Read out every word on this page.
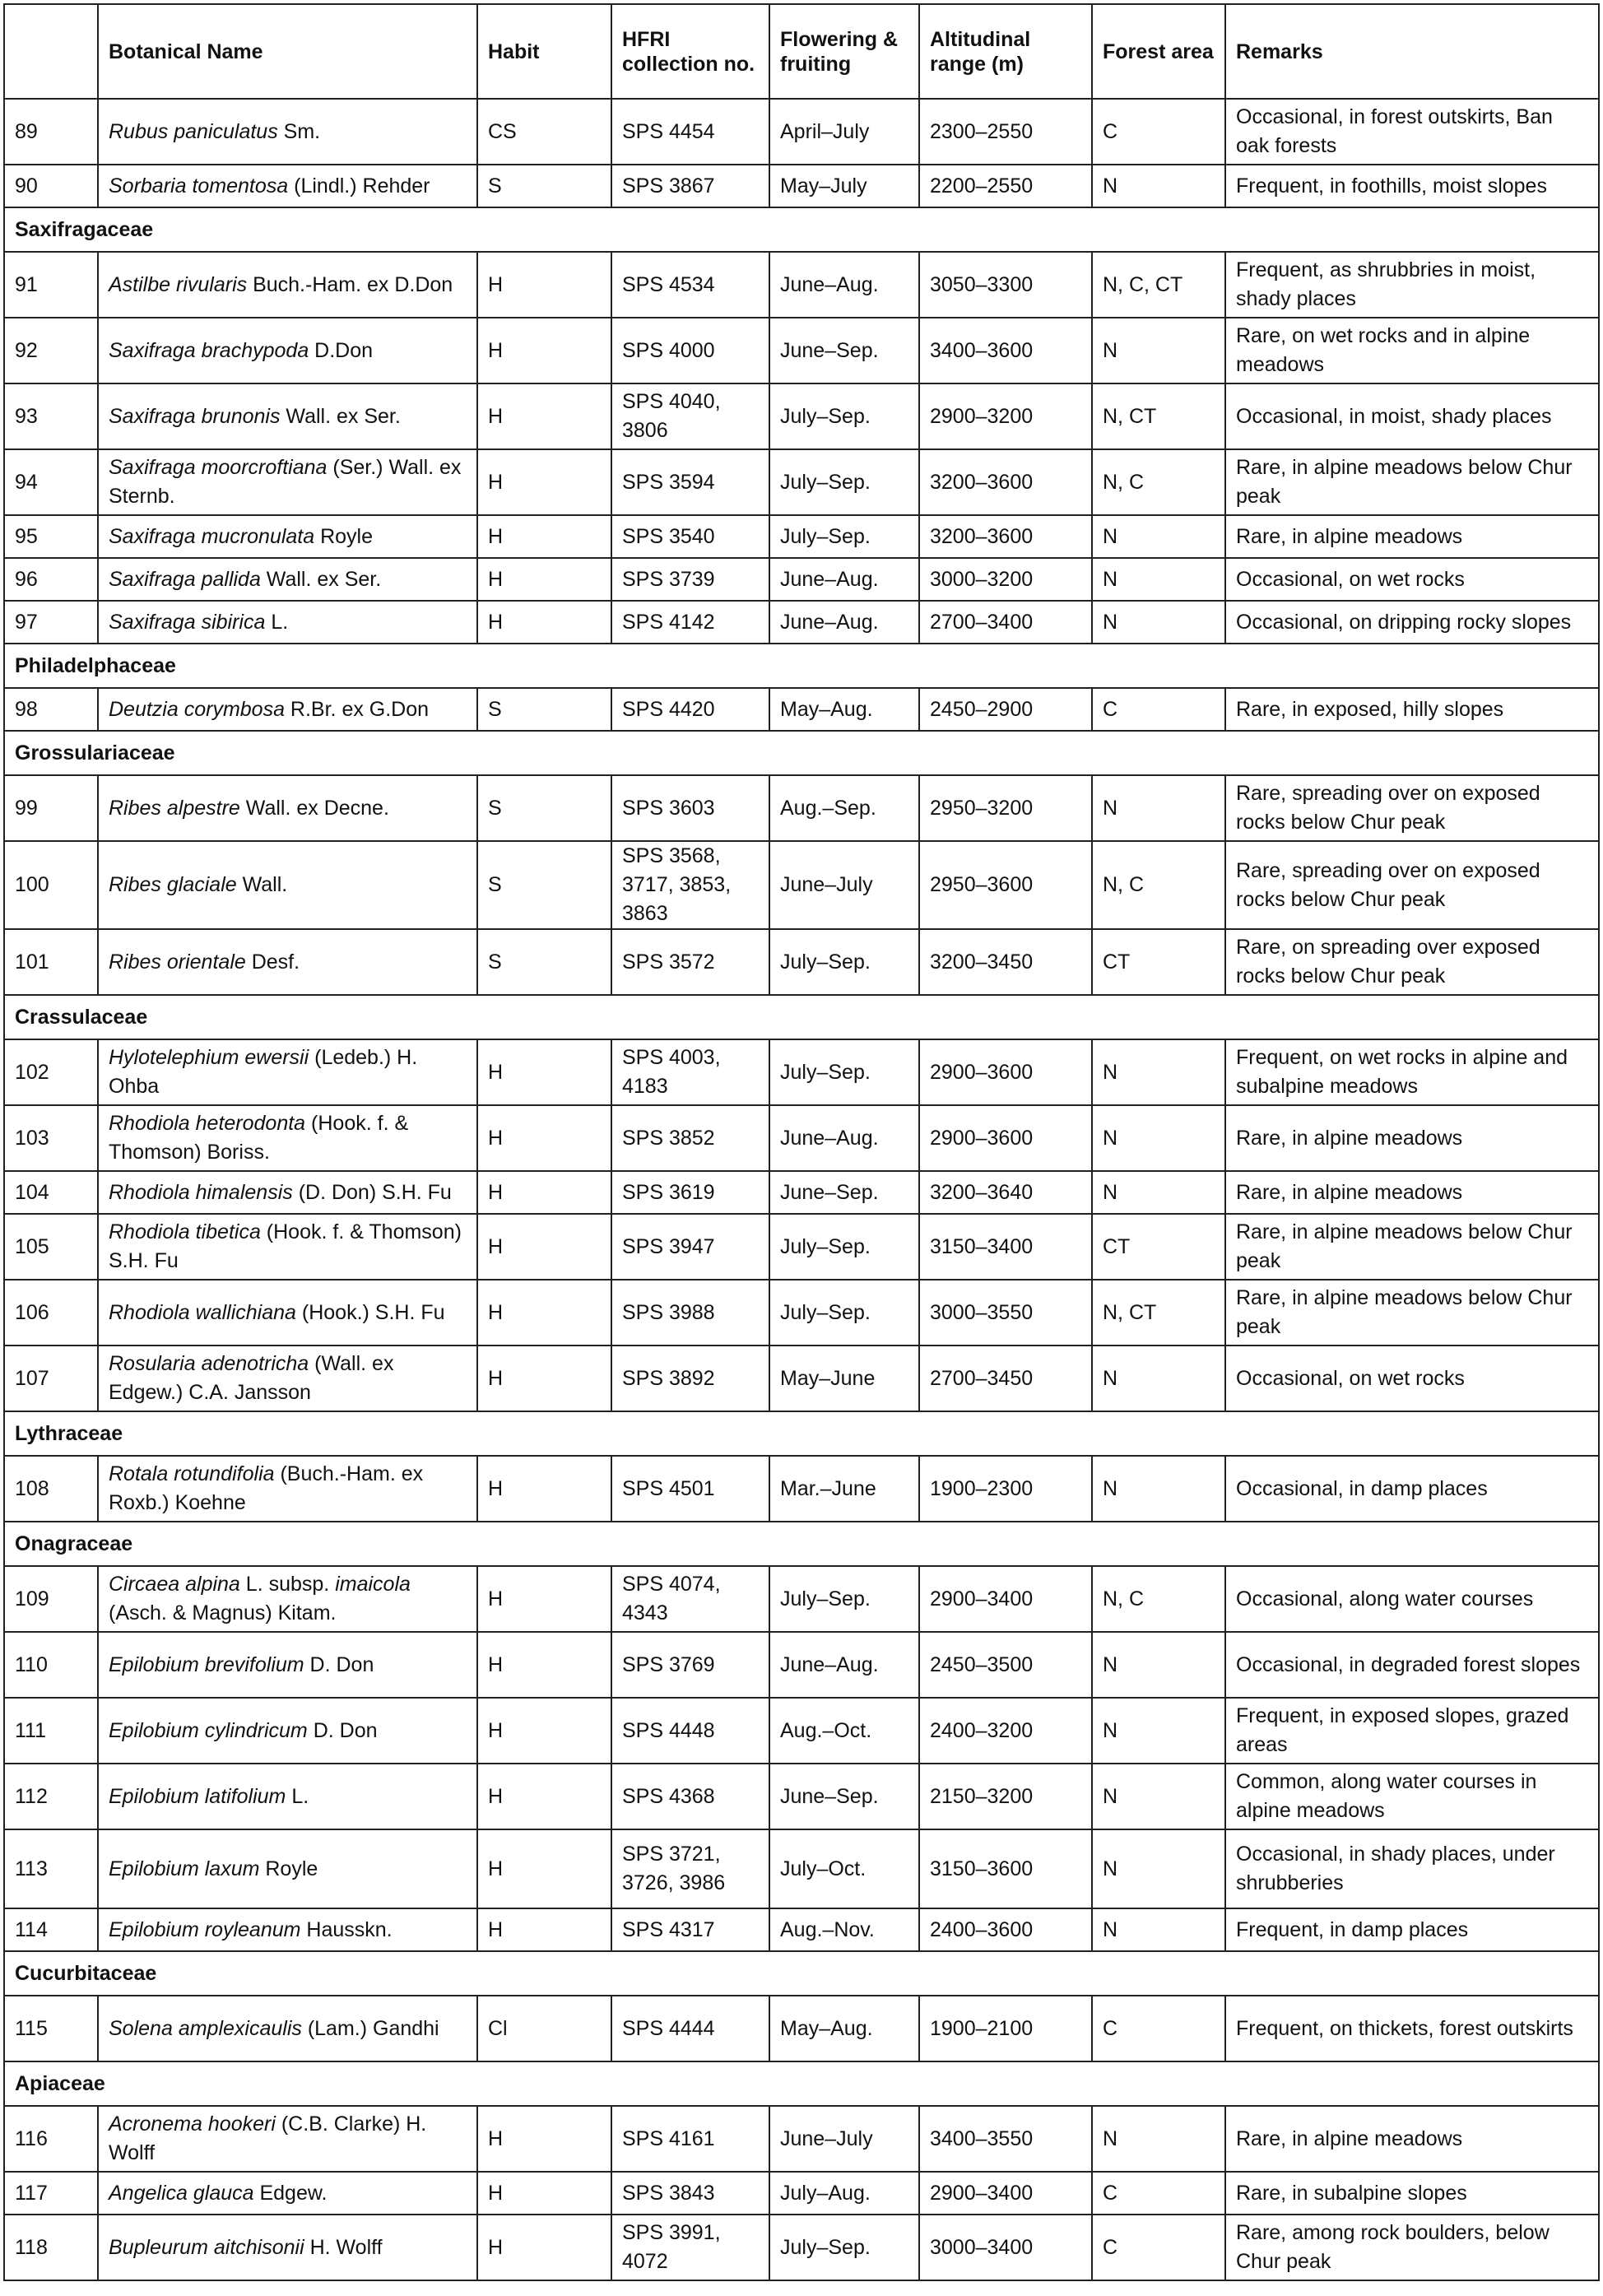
	Botanical Name	Habit	HFRI collection no.	Flowering & fruiting	Altitudinal range (m)	Forest area	Remarks
89	Rubus paniculatus Sm.	CS	SPS 4454	April–July	2300–2550	C	Occasional, in forest outskirts, Ban oak forests
90	Sorbaria tomentosa (Lindl.) Rehder	S	SPS 3867	May–July	2200–2550	N	Frequent, in foothills, moist slopes
Saxifragaceae							
91	Astilbe rivularis Buch.-Ham. ex D.Don	H	SPS 4534	June–Aug.	3050–3300	N, C, CT	Frequent, as shrubbries in moist, shady places
92	Saxifraga brachypoda D.Don	H	SPS 4000	June–Sep.	3400–3600	N	Rare, on wet rocks and in alpine meadows
93	Saxifraga brunonis Wall. ex Ser.	H	SPS 4040, 3806	July–Sep.	2900–3200	N, CT	Occasional, in moist, shady places
94	Saxifraga moorcroftiana (Ser.) Wall. ex Sternb.	H	SPS 3594	July–Sep.	3200–3600	N, C	Rare, in alpine meadows below Chur peak
95	Saxifraga mucronulata Royle	H	SPS 3540	July–Sep.	3200–3600	N	Rare, in alpine meadows
96	Saxifraga pallida Wall. ex Ser.	H	SPS 3739	June–Aug.	3000–3200	N	Occasional, on wet rocks
97	Saxifraga sibirica L.	H	SPS 4142	June–Aug.	2700–3400	N	Occasional, on dripping rocky slopes
Philadelphaceae							
98	Deutzia corymbosa R.Br. ex G.Don	S	SPS 4420	May–Aug.	2450–2900	C	Rare, in exposed, hilly slopes
Grossulariaceae							
99	Ribes alpestre Wall. ex Decne.	S	SPS 3603	Aug.–Sep.	2950–3200	N	Rare, spreading over on exposed rocks below Chur peak
100	Ribes glaciale Wall.	S	SPS 3568, 3717, 3853, 3863	June–July	2950–3600	N, C	Rare, spreading over on exposed rocks below Chur peak
101	Ribes orientale Desf.	S	SPS 3572	July–Sep.	3200–3450	CT	Rare, on spreading over exposed rocks below Chur peak
Crassulaceae							
102	Hylotelephium ewersii (Ledeb.) H. Ohba	H	SPS 4003, 4183	July–Sep.	2900–3600	N	Frequent, on wet rocks in alpine and subalpine meadows
103	Rhodiola heterodonta (Hook. f. & Thomson) Boriss.	H	SPS 3852	June–Aug.	2900–3600	N	Rare, in alpine meadows
104	Rhodiola himalensis (D. Don) S.H. Fu	H	SPS 3619	June–Sep.	3200–3640	N	Rare, in alpine meadows
105	Rhodiola tibetica (Hook. f. & Thomson) S.H. Fu	H	SPS 3947	July–Sep.	3150–3400	CT	Rare, in alpine meadows below Chur peak
106	Rhodiola wallichiana (Hook.) S.H. Fu	H	SPS 3988	July–Sep.	3000–3550	N, CT	Rare, in alpine meadows below Chur peak
107	Rosularia adenotricha (Wall. ex Edgew.) C.A. Jansson	H	SPS 3892	May–June	2700–3450	N	Occasional, on wet rocks
Lythraceae							
108	Rotala rotundifolia (Buch.-Ham. ex Roxb.) Koehne	H	SPS 4501	Mar.–June	1900–2300	N	Occasional, in damp places
Onagraceae							
109	Circaea alpina L. subsp. imaicola (Asch. & Magnus) Kitam.	H	SPS 4074, 4343	July–Sep.	2900–3400	N, C	Occasional, along water courses
110	Epilobium brevifolium D. Don	H	SPS 3769	June–Aug.	2450–3500	N	Occasional, in degraded forest slopes
111	Epilobium cylindricum D. Don	H	SPS 4448	Aug.–Oct.	2400–3200	N	Frequent, in exposed slopes, grazed areas
112	Epilobium latifolium L.	H	SPS 4368	June–Sep.	2150–3200	N	Common, along water courses in alpine meadows
113	Epilobium laxum Royle	H	SPS 3721, 3726, 3986	July–Oct.	3150–3600	N	Occasional, in shady places, under shrubberies
114	Epilobium royleanum Hausskn.	H	SPS 4317	Aug.–Nov.	2400–3600	N	Frequent, in damp places
Cucurbitaceae							
115	Solena amplexicaulis (Lam.) Gandhi	Cl	SPS 4444	May–Aug.	1900–2100	C	Frequent, on thickets, forest outskirts
Apiaceae							
116	Acronema hookeri (C.B. Clarke) H. Wolff	H	SPS 4161	June–July	3400–3550	N	Rare, in alpine meadows
117	Angelica glauca Edgew.	H	SPS 3843	July–Aug.	2900–3400	C	Rare, in subalpine slopes
118	Bupleurum aitchisonii H. Wolff	H	SPS 3991, 4072	July–Sep.	3000–3400	C	Rare, among rock boulders, below Chur peak
